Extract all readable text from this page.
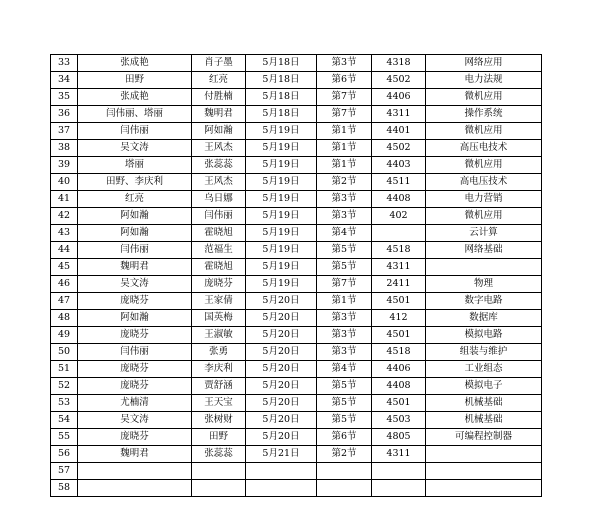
33	张成艳	肖子墨	5月18日	第3节	4318	网络应用
34	田野	红亮	5月18日	第6节	4502	电力法规
35	张成艳	付胜楠	5月18日	第7节	4406	微机应用
36	闫伟丽、塔丽	魏明君	5月18日	第7节	4311	操作系统
37	闫伟丽	阿如瀚	5月19日	第1节	4401	微机应用
38	吴文涛	王风杰	5月19日	第1节	4502	高压电技术
39	塔丽	张蕊蕊	5月19日	第1节	4403	微机应用
40	田野、李庆利	王风杰	5月19日	第2节	4511	高电压技术
41	红亮	乌日娜	5月19日	第3节	4408	电力营销
42	阿如瀚	闫伟丽	5月19日	第3节	402	微机应用
43	阿如瀚	霍晓旭	5月19日	第4节		云计算
44	闫伟丽	范福生	5月19日	第5节	4518	网络基础
45	魏明君	霍晓旭	5月19日	第5节	4311	
46	吴文涛	庞晓芬	5月19日	第7节	2411	物理
47	庞晓芬	王家倩	5月20日	第1节	4501	数字电路
48	阿如瀚	国英梅	5月20日	第3节	412	数据库
49	庞晓芬	王淑敏	5月20日	第3节	4501	模拟电路
50	闫伟丽	张勇	5月20日	第3节	4518	组装与维护
51	庞晓芬	李庆利	5月20日	第4节	4406	工业组态
52	庞晓芬	贾舒涵	5月20日	第5节	4408	模拟电子
53	尤楠清	王天宝	5月20日	第5节	4501	机械基础
54	吴文涛	张树财	5月20日	第5节	4503	机械基础
55	庞晓芬	田野	5月20日	第6节	4805	可编程控制器
56	魏明君	张蕊蕊	5月21日	第2节	4311	
57						
58						
